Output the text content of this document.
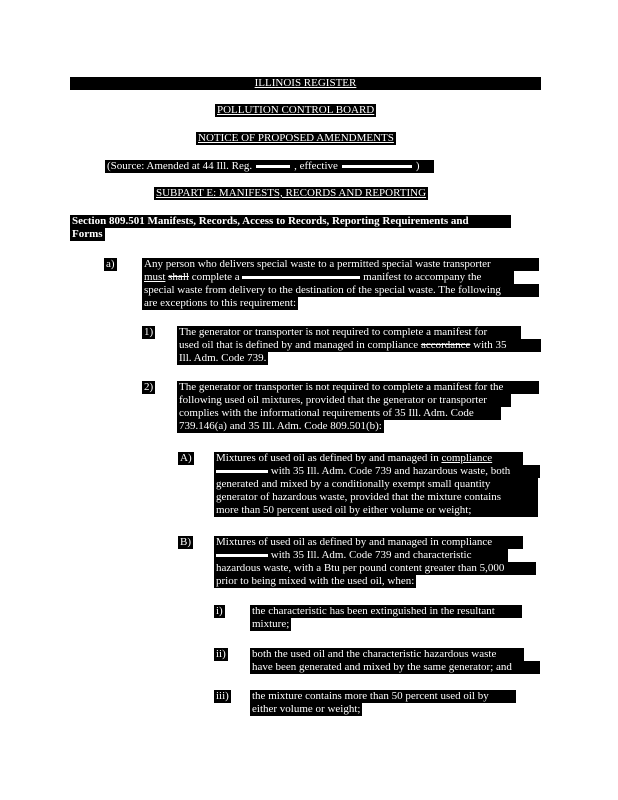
ILLINOIS REGISTER
POLLUTION CONTROL BOARD
NOTICE OF PROPOSED AMENDMENTS
(Source: Amended at 44 Ill. Reg.	, effective	)
SUBPART E: MANIFESTS, RECORDS AND REPORTING
Section 809.501 Manifests, Records, Access to Records, Reporting Requirements and
Forms
a)	Any person who delivers special waste to a permitted special waste transporter
must shall complete a	manifest to accompany the
special waste from delivery to the destination of the special waste. The following
are exceptions to this requirement:
1) The generator or transporter is not required to complete a manifest for
used oil that is defined by and managed in compliance accordance with 35
Ill. Adm. Code 739.
2) The generator or transporter is not required to complete a manifest for the
following used oil mixtures, provided that the generator or transporter
complies with the informational requirements of 35 Ill. Adm. Code
739.146(a) and 35 Ill. Adm. Code 809.501(b):
A) Mixtures of used oil as defined by and managed in compliance
with 35 Ill. Adm. Code 739 and hazardous waste, both
generated and mixed by a conditionally exempt small quantity
generator of hazardous waste, provided that the mixture contains
more than 50 percent used oil by either volume or weight;
B) Mixtures of used oil as defined by and managed in compliance
with 35 Ill. Adm. Code 739 and characteristic
hazardous waste, with a Btu per pound content greater than 5,000
prior to being mixed with the used oil, when:
i)	the characteristic has been extinguished in the resultant
mixture;
ii) both the used oil and the characteristic hazardous waste
have been generated and mixed by the same generator; and
iii) the mixture contains more than 50 percent used oil by
either volume or weight;
